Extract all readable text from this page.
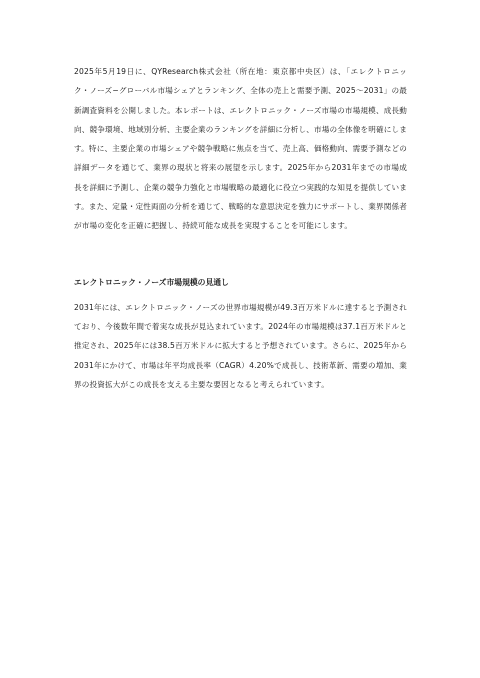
2025年5月19日に、QYResearch株式会社（所在地：東京都中央区）は、「エレクトロニック・ノーズ−グローバル市場シェアとランキング、全体の売上と需要予測、2025〜2031」の最新調査資料を公開しました。本レポートは、エレクトロニック・ノーズ市場の市場規模、成長動向、競争環境、地域別分析、主要企業のランキングを詳細に分析し、市場の全体像を明確にします。特に、主要企業の市場シェアや競争戦略に焦点を当て、売上高、価格動向、需要予測などの詳細データを通じて、業界の現状と将来の展望を示します。2025年から2031年までの市場成長を詳細に予測し、企業の競争力強化と市場戦略の最適化に役立つ実践的な知見を提供しています。また、定量・定性両面の分析を通じて、戦略的な意思決定を強力にサポートし、業界関係者が市場の変化を正確に把握し、持続可能な成長を実現することを可能にします。

エレクトロニック・ノーズ市場規模の見通し

2031年には、エレクトロニック・ノーズの世界市場規模が49.3百万米ドルに達すると予測されており、今後数年間で着実な成長が見込まれています。2024年の市場規模は37.1百万米ドルと推定され、2025年には38.5百万米ドルに拡大すると予想されています。さらに、2025年から2031年にかけて、市場は年平均成長率（CAGR）4.20%で成長し、技術革新、需要の増加、業界の投資拡大がこの成長を支える主要な要因となると考えられています。
